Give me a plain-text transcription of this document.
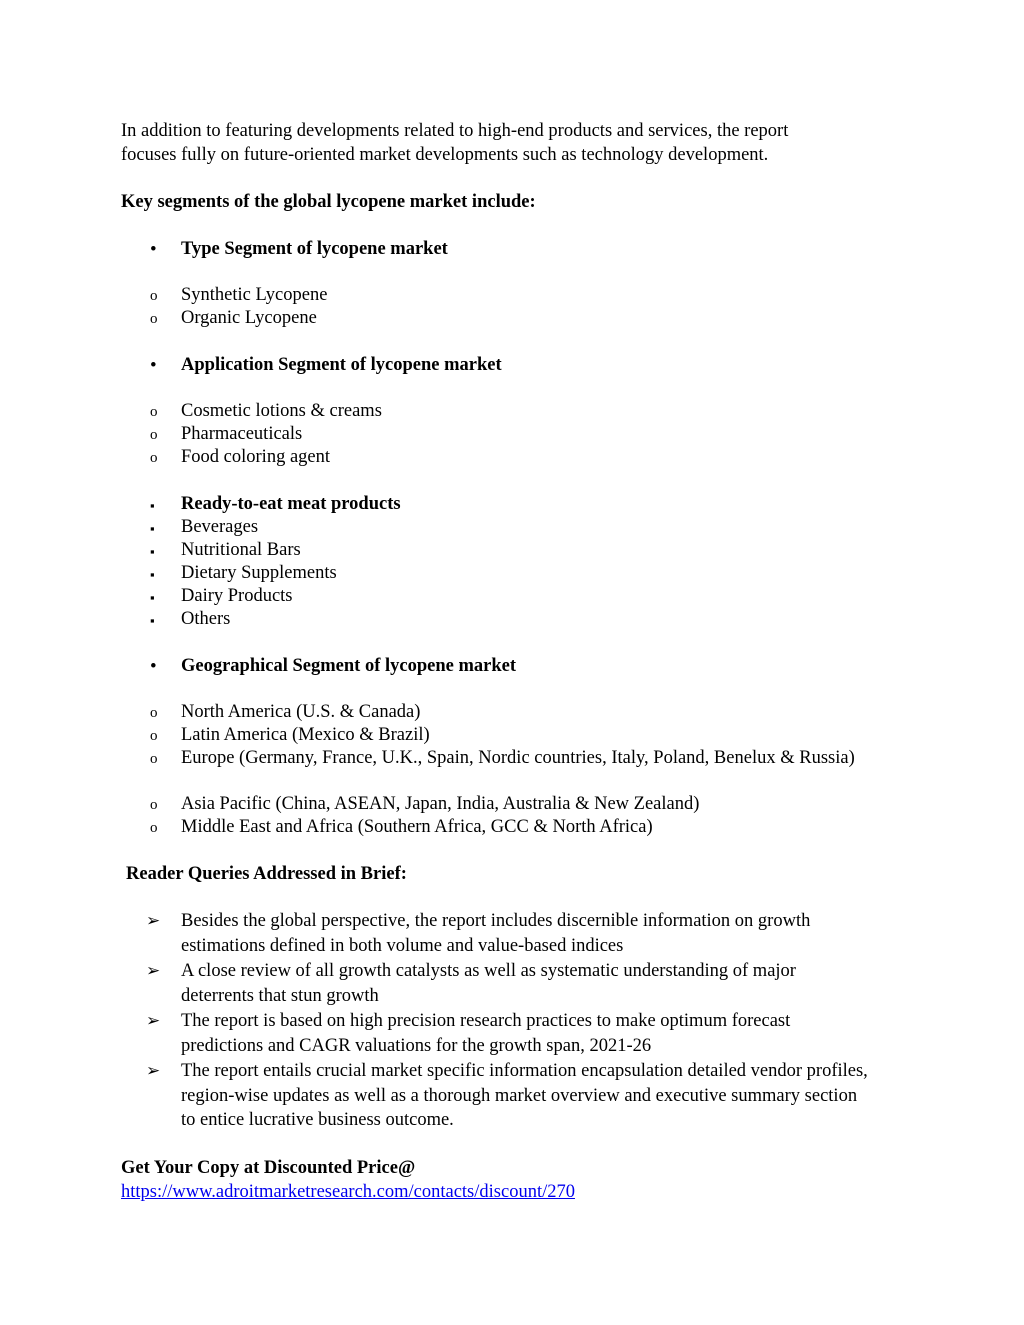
In addition to featuring developments related to high-end products and services, the report
focuses fully on future-oriented market developments such as technology development.
Key segments of the global lycopene market include:
• Type Segment of lycopene market
o Synthetic Lycopene
o Organic Lycopene
• Application Segment of lycopene market
o Cosmetic lotions & creams
o Pharmaceuticals
o Food coloring agent
▪ Ready-to-eat meat products
▪ Beverages
▪ Nutritional Bars
▪ Dietary Supplements
▪ Dairy Products
▪ Others
• Geographical Segment of lycopene market
o North America (U.S. & Canada)
o Latin America (Mexico & Brazil)
o Europe (Germany, France, U.K., Spain, Nordic countries, Italy, Poland, Benelux & Russia)
o Asia Pacific (China, ASEAN, Japan, India, Australia & New Zealand)
o Middle East and Africa (Southern Africa, GCC & North Africa)
Reader Queries Addressed in Brief:
➢ Besides the global perspective, the report includes discernible information on growth estimations defined in both volume and value-based indices
➢ A close review of all growth catalysts as well as systematic understanding of major deterrents that stun growth
➢ The report is based on high precision research practices to make optimum forecast predictions and CAGR valuations for the growth span, 2021-26
➢ The report entails crucial market specific information encapsulation detailed vendor profiles, region-wise updates as well as a thorough market overview and executive summary section to entice lucrative business outcome.
Get Your Copy at Discounted Price@
https://www.adroitmarketresearch.com/contacts/discount/270
